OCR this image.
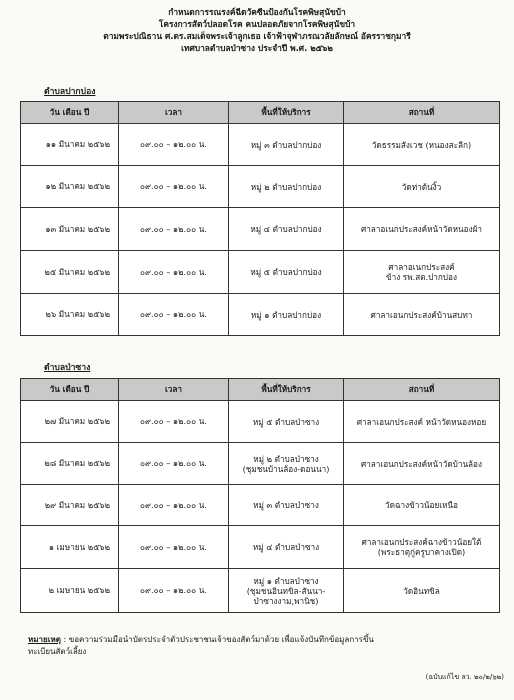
กำหนดการรณรงค์ฉีดวัคซีนป้องกันโรคพิษสุนัขบ้า
โครงการสัตว์ปลอดโรค คนปลอดภัยจากโรคพิษสุนัขบ้า
ตามพระปณิธาน ศ.ดร.สมเด็จพระเจ้าลูกเธอ เจ้าฟ้าจุฬาภรณวลัยลักษณ์ อัครราชกุมารี
เทศบาลตำบลป่าซาง ประจำปี พ.ศ. ๒๕๖๒
ตำบลปากบ่อง
วัน เดือน ปี	เวลา	พื้นที่ให้บริการ	สถานที่
๑๑ มีนาคม ๒๕๖๒	๐๙.๐๐ – ๑๒.๐๐ น.	หมู่ ๓ ตำบลปากบ่อง	วัดธรรมสังเวช (หนองสะลีก)

๑๒ มีนาคม ๒๕๖๒	๐๙.๐๐ – ๑๒.๐๐ น.	หมู่ ๒ ตำบลปากบ่อง	วัดท่าต้นงิ้ว

๑๓ มีนาคม ๒๕๖๒	๐๙.๐๐ – ๑๒.๐๐ น.	หมู่ ๔ ตำบลปากบ่อง	ศาลาอเนกประสงค์หน้าวัดหนองผ้า

๒๕ มีนาคม ๒๕๖๒	๐๙.๐๐ – ๑๒.๐๐ น.	หมู่ ๕ ตำบลปากบ่อง	ศาลาอเนกประสงค์
ข้าง รพ.สต.ปากบ่อง

๒๖ มีนาคม ๒๕๖๒	๐๙.๐๐ – ๑๒.๐๐ น.	หมู่ ๑ ตำบลปากบ่อง	ศาลาเอนกประสงค์บ้านสบทา
ตำบลป่าซาง
วัน เดือน ปี	เวลา	พื้นที่ให้บริการ	สถานที่
๒๗ มีนาคม ๒๕๖๒	๐๙.๐๐ – ๑๒.๐๐ น.	หมู่ ๕ ตำบลป่าซาง	ศาลาเอนกประสงค์ หน้าวัดหนองหอย

๒๘ มีนาคม ๒๕๖๒	๐๙.๐๐ – ๑๒.๐๐ น.	หมู่ ๒ ตำบลป่าซาง
(ชุมชนบ้านล้อง-ดอนนา)	ศาลาเอนกประสงค์หน้าวัดบ้านล้อง

๒๙ มีนาคม ๒๕๖๒	๐๙.๐๐ – ๑๒.๐๐ น.	หมู่ ๓ ตำบลป่าซาง	วัดฉางข้าวน้อยเหนือ

๑ เมษายน ๒๕๖๒	๐๙.๐๐ – ๑๒.๐๐ น.	หมู่ ๔ ตำบลป่าซาง	ศาลาเอนกประสงค์ฉางข้าวน้อยใต้
(พระธาตุกู่ครูบาคางเปิด)

๒ เมษายน ๒๕๖๒	๐๙.๐๐ – ๑๒.๐๐ น.	หมู่ ๑ ตำบลป่าซาง
(ชุมชนอินทขิล-สันนา-
ป่าซางงาม,พานิช)	วัดอินทขิล
หมายเหตุ : ขอความร่วมมือนำบัตรประจำตัวประชาชนเจ้าของสัตว์มาด้วย เพื่อแจ้งบันทึกข้อมูลการขึ้น
ทะเบียนสัตว์เลี้ยง
(ฉบับแก้ไข ลว. ๒๐/๒/๖๒)
